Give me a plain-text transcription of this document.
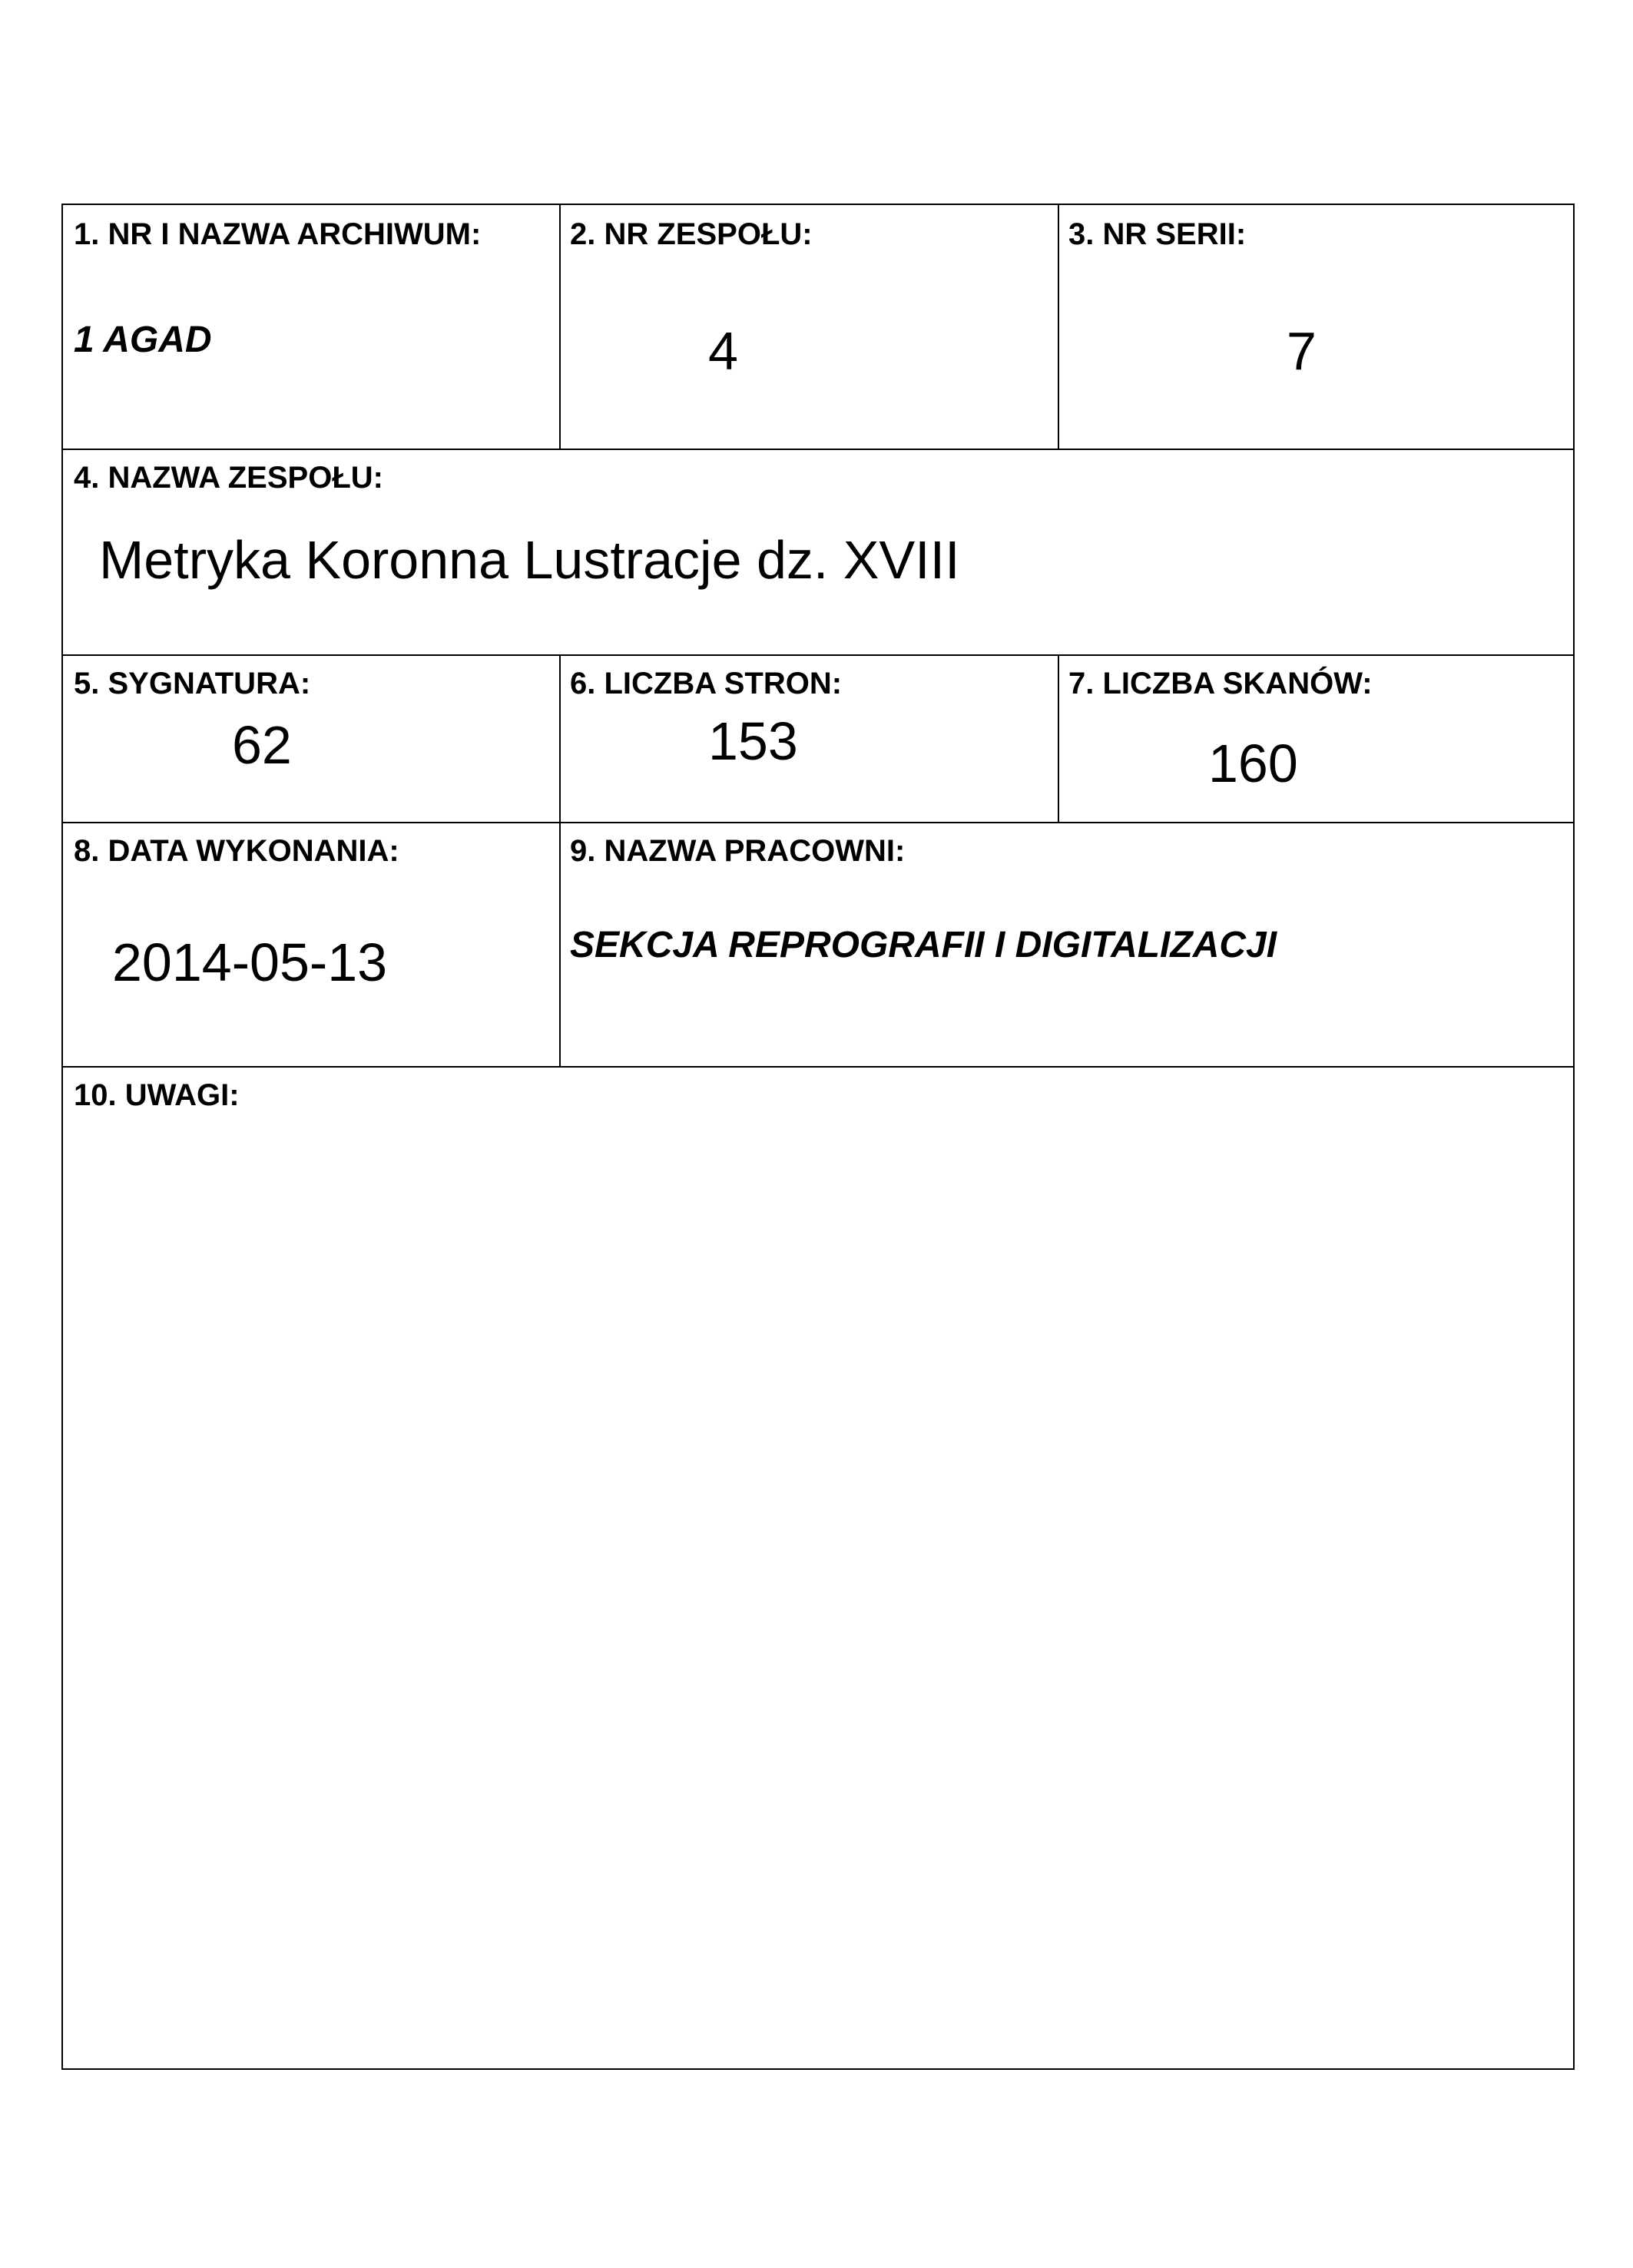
1. NR I NAZWA ARCHIWUM:
1 AGAD
2. NR ZESPOŁU:
4
3. NR SERII:
7
4. NAZWA ZESPOŁU:
Metryka Koronna Lustracje dz. XVIII
5. SYGNATURA:
62
6. LICZBA STRON:
153
7. LICZBA SKANÓW:
160
8. DATA WYKONANIA:
2014-05-13
9. NAZWA PRACOWNI:
SEKCJA REPROGRAFII I DIGITALIZACJI
10. UWAGI:
